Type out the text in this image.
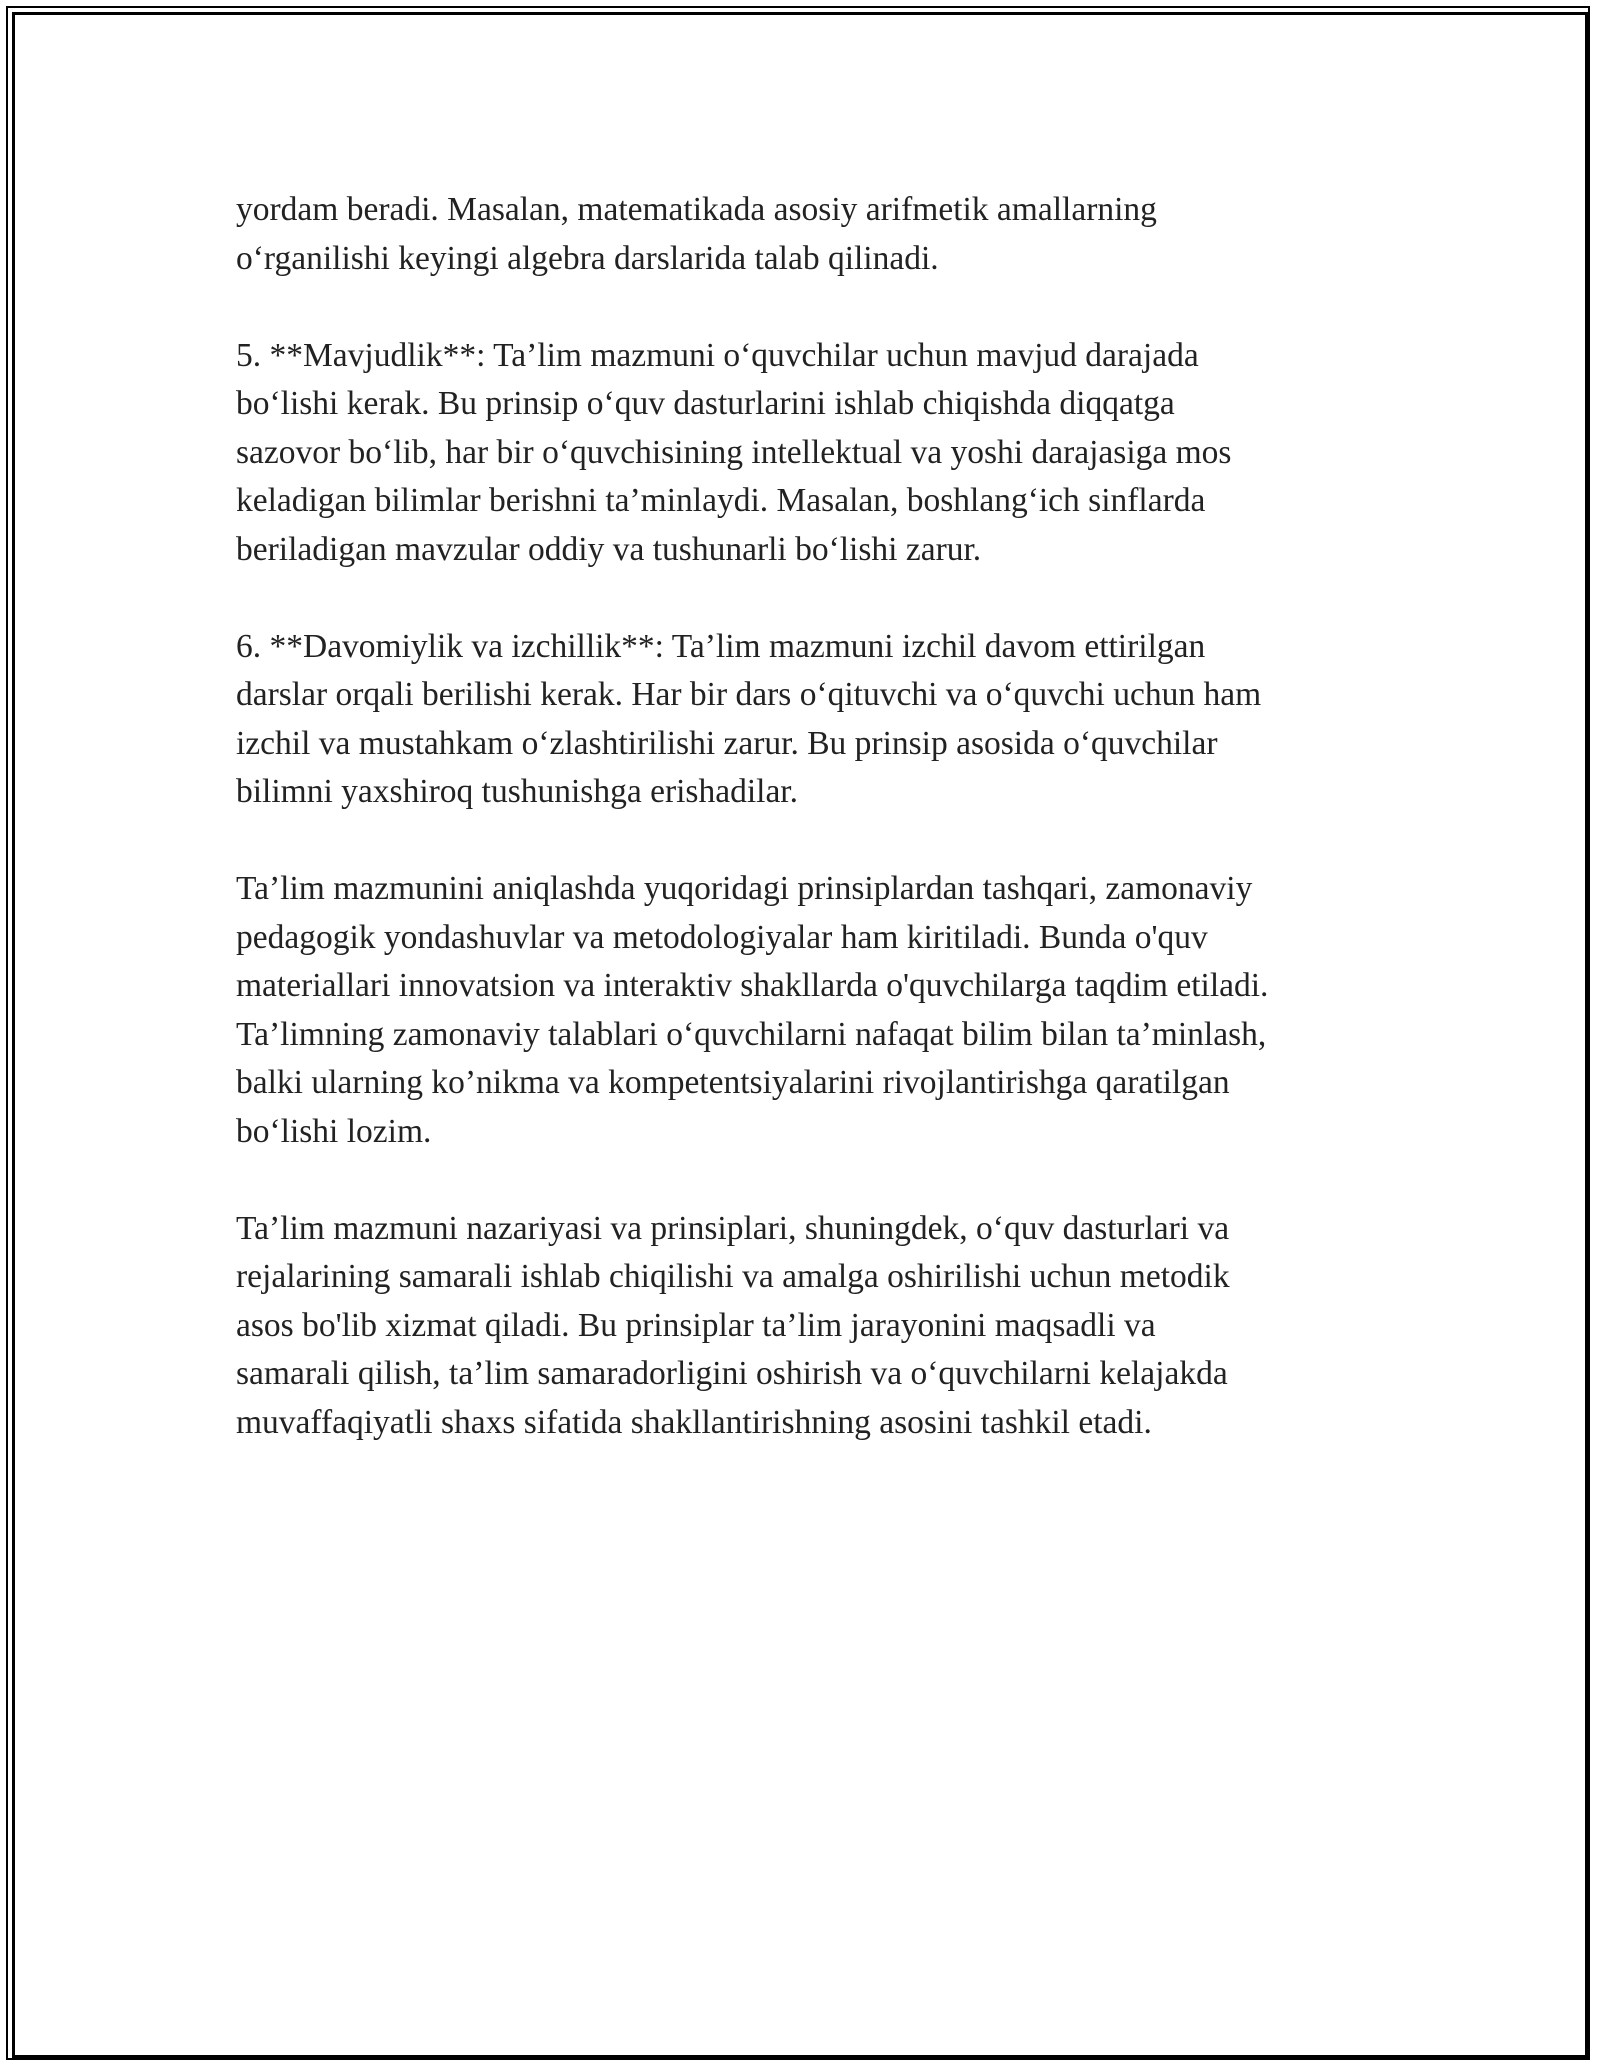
yordam beradi. Masalan, matematikada asosiy arifmetik amallarning
o‘rganilishi keyingi algebra darslarida talab qilinadi.

5. **Mavjudlik**: Ta’lim mazmuni o‘quvchilar uchun mavjud darajada
bo‘lishi kerak. Bu prinsip o‘quv dasturlarini ishlab chiqishda diqqatga
sazovor bo‘lib, har bir o‘quvchisining intellektual va yoshi darajasiga mos
keladigan bilimlar berishni ta’minlaydi. Masalan, boshlang‘ich sinflarda
beriladigan mavzular oddiy va tushunarli bo‘lishi zarur.

6. **Davomiylik va izchillik**: Ta’lim mazmuni izchil davom ettirilgan
darslar orqali berilishi kerak. Har bir dars o‘qituvchi va o‘quvchi uchun ham
izchil va mustahkam o‘zlashtirilishi zarur. Bu prinsip asosida o‘quvchilar
bilimni yaxshiroq tushunishga erishadilar.

Ta’lim mazmunini aniqlashda yuqoridagi prinsiplardan tashqari, zamonaviy
pedagogik yondashuvlar va metodologiyalar ham kiritiladi. Bunda o'quv
materiallari innovatsion va interaktiv shakllarda o'quvchilarga taqdim etiladi.
Ta’limning zamonaviy talablari o‘quvchilarni nafaqat bilim bilan ta’minlash,
balki ularning ko’nikma va kompetentsiyalarini rivojlantirishga qaratilgan
bo‘lishi lozim.

Ta’lim mazmuni nazariyasi va prinsiplari, shuningdek, o‘quv dasturlari va
rejalarining samarali ishlab chiqilishi va amalga oshirilishi uchun metodik
asos bo'lib xizmat qiladi. Bu prinsiplar ta’lim jarayonini maqsadli va
samarali qilish, ta’lim samaradorligini oshirish va o‘quvchilarni kelajakda
muvaffaqiyatli shaxs sifatida shakllantirishning asosini tashkil etadi.
